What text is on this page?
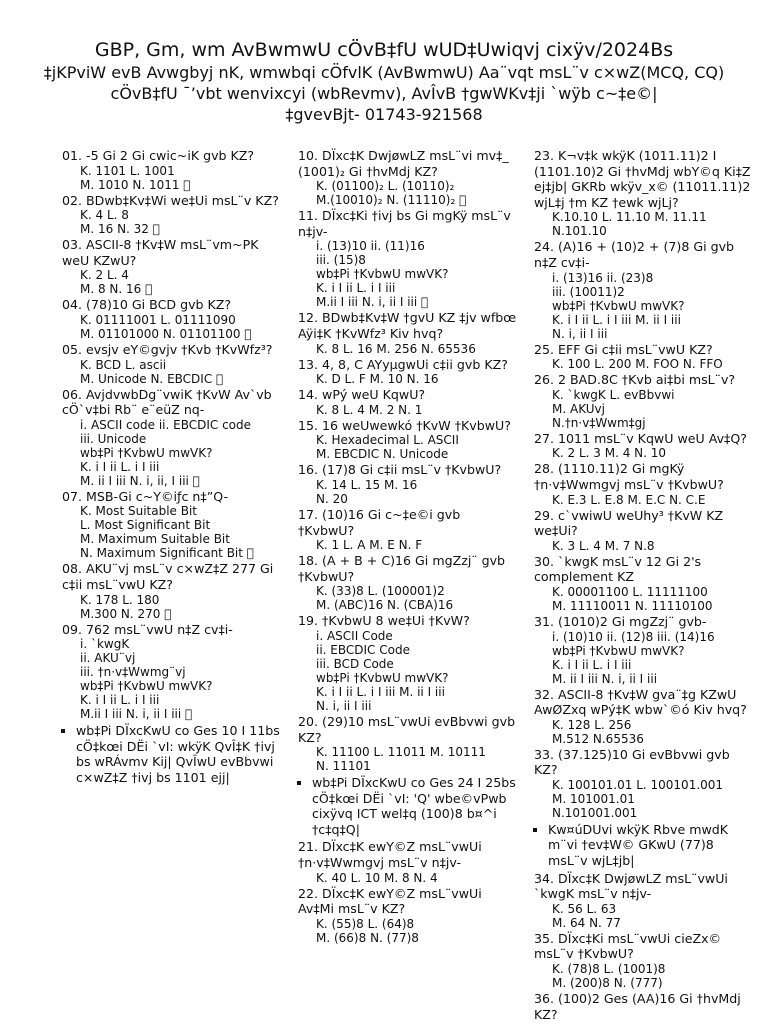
GBP, Gm, wm AvBwmwU cÖvB‡fU wUD‡Uwiqvj cixÿv/2024Bs

‡jKPviW evB Avwgbyj nK, wmwbqi cÖfvlK (AvBwmwU) Aa¨vqt msL¨v c×wZ(MCQ, CQ)

cÖvB‡fU ¯’vbt wenvixcyi (wbRevmv), AvÎvB †gwWKv‡ji `wÿb c~‡e©|

‡gvevBjt- 01743-921568

01. -5 Gi 2 Gi cwic~iK gvb KZ?
K. 1101 L. 1001
M. 1010 N. 1011 ⃞
02. BDwb‡Kv‡Wi we‡Ui msL¨v KZ?
K. 4 L. 8
M. 16 N. 32 ⃞
03. ASCII-8 †Kv‡W msL¨vm~PK weU KZwU?
K. 2 L. 4
M. 8 N. 16 ⃞
04. (78)10 Gi BCD gvb KZ?
K. 01111001 L. 01111090
M. 01101000 N. 01101100 ⃞
05. evsjv eY©gvjv †Kvb †KvWfz³?
K. BCD L. ascii
M. Unicode N. EBCDIC ⃞
06. AvjdvwbDg¨vwiK †KvW Av`vb cÖ`v‡bi Rb¨ e¨eüZ nq-
i. ASCII code ii. EBCDIC code
iii. Unicode
wb‡Pi †KvbwU mwVK?
K. i I ii L. i I iii
M. ii I iii N. i, ii, I iii ⃞
07. MSB-Gi c~Y©iƒc n‡”Q-
K. Most Suitable Bit
L. Most Significant Bit
M. Maximum Suitable Bit
N. Maximum Significant Bit ⃞
08. AKU¨vj msL¨v c×wZ‡Z 277 Gi c‡ii msL¨vwU KZ?
K. 178 L. 180
M.300 N. 270 ⃞
09. 762 msL¨vwU n‡Z cv‡i-
i. `kwgK
ii. AKU¨vj
iii. †n·v‡Wwmg¨vj
wb‡Pi †KvbwU mwVK?
K. i I ii L. i I iii
M.ii I iii N. i, ii I iii ⃞
▪ wb‡Pi DÏxcKwU co Ges 10 I 11bs cÖ‡kœi DËi `vI: wkÿK QvÎ‡K †ivj bs wRÁvmv Kij| QvÎwU evBbvwi c×wZ‡Z †ivj bs 1101 ejj|
10. DÏxc‡K DwjøwLZ msL¨vi mv‡_ (1001)₂ Gi †hvMdj KZ?
K. (01100)₂ L. (10110)₂
M.(10010)₂ N. (11110)₂ ⃞
11. DÏxc‡Ki †ivj bs Gi mgKÿ msL¨v n‡jv-
i. (13)10 ii. (11)16
iii. (15)8
wb‡Pi †KvbwU mwVK?
K. i I ii L. i I iii
M.ii I iii N. i, ii I iii ⃞
12. BDwb‡Kv‡W †gvU KZ ‡jv wfbœ Aÿi‡K †KvWfz³ Kiv hvq?
K. 8 L. 16 M. 256 N. 65536
13. 4, 8, C AYyµgwUi c‡ii gvb KZ?
K. D L. F M. 10 N. 16
14. wPý weU KqwU?
K. 8 L. 4 M. 2 N. 1
15. 16 weUwewkó †KvW †KvbwU?
K. Hexadecimal L. ASCII
M. EBCDIC N. Unicode
16. (17)8 Gi c‡ii msL¨v †KvbwU?
K. 14 L. 15 M. 16
N. 20
17. (10)16 Gi c~‡e©i gvb †KvbwU?
K. 1 L. A M. E N. F
18. (A + B + C)16 Gi mgZzj¨ gvb †KvbwU?
K. (33)8 L. (100001)2
M. (ABC)16 N. (CBA)16
19. †KvbwU 8 we‡Ui †KvW?
i. ASCII Code
ii. EBCDIC Code
iii. BCD Code
wb‡Pi †KvbwU mwVK?
K. i I ii L. i I iii M. ii I iii
N. i, ii I iii
20. (29)10 msL¨vwUi evBbvwi gvb KZ?
K. 11100 L. 11011 M. 10111
N. 11101
▪ wb‡Pi DÏxcKwU co Ges 24 I 25bs cÖ‡kœi DËi `vI: 'Q' wbe©vPwb cixÿvq ICT wel‡q (100)8 b¤^i †c‡q‡Q|
21. DÏxc‡K ewY©Z msL¨vwUi †n·v‡Wwmgvj msL¨v n‡jv-
K. 40 L. 10 M. 8 N. 4
22. DÏxc‡K ewY©Z msL¨vwUi Av‡Mi msL¨v KZ?
K. (55)8 L. (64)8
M. (66)8 N. (77)8
23. K¬v‡k wkÿK (1011.11)2 I (1101.10)2 Gi †hvMdj wbY©q Ki‡Z ej‡jb| GKRb wkÿv_x© (11011.11)2 wjL‡j †m KZ †ewk wjLj?
K.10.10 L. 11.10 M. 11.11
N.101.10
24. (A)16 + (10)2 + (7)8 Gi gvb n‡Z cv‡i-
i. (13)16 ii. (23)8
iii. (10011)2
wb‡Pi †KvbwU mwVK?
K. i I ii L. i I iii M. ii I iii
N. i, ii I iii
25. EFF Gi c‡ii msL¨vwU KZ?
K. 100 L. 200 M. FOO N. FFO
26. 2 BAD.8C †Kvb ai‡bi msL¨v?
K. `kwgK L. evBbvwi
M. AKUvj
N.†n·v‡Wwm‡gj
27. 1011 msL¨v KqwU weU Av‡Q?
K. 2 L. 3 M. 4 N. 10
28. (1110.11)2 Gi mgKÿ †n·v‡Wwmgvj msL¨v †KvbwU?
K. E.3 L. E.8 M. E.C N. C.E
29. c`vwiwU weUhy³ †KvW KZ we‡Ui?
K. 3 L. 4 M. 7 N.8
30. `kwgK msL¨v 12 Gi 2's complement KZ
K. 00001100 L. 11111100
M. 11110011 N. 11110100
31. (1010)2 Gi mgZzj¨ gvb-
i. (10)10 ii. (12)8 iii. (14)16
wb‡Pi †KvbwU mwVK?
K. i I ii L. i I iii
M. ii I iii N. i, ii I iii
32. ASCII-8 †Kv‡W gva¨‡g KZwU AwØZxq wPý‡K wbw`©ó Kiv hvq?
K. 128 L. 256
M.512 N.65536
33. (37.125)10 Gi evBbvwi gvb KZ?
K. 100101.01 L. 100101.001
M. 101001.01
N.101001.001
▪ Kw¤úDUvi wkÿK Rbve mwdK m¨vi †ev‡W© GKwU (77)8 msL¨v wjL‡jb|
34. DÏxc‡K DwjøwLZ msL¨vwUi `kwgK msL¨v n‡jv-
K. 56 L. 63
M. 64 N. 77
35. DÏxc‡Ki msL¨vwUi cieZx© msL¨v †KvbwU?
K. (78)8 L. (1001)8
M. (200)8 N. (777)
36. (100)2 Ges (AA)16 Gi †hvMdj KZ?
